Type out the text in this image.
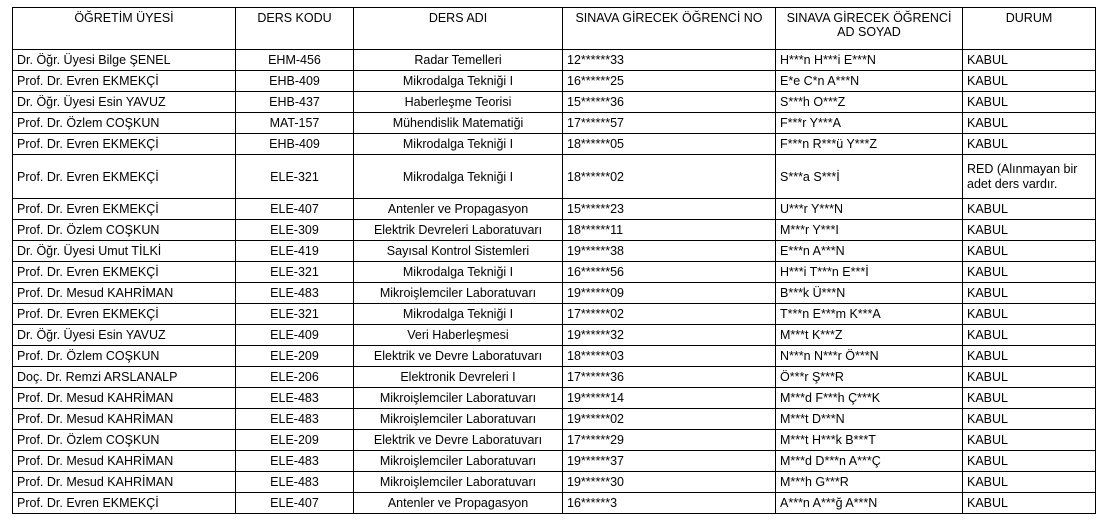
ÖĞRETİM ÜYESİ	DERS KODU	DERS ADI	SINAVA GİRECEK ÖĞRENCİ NO	SINAVA GİRECEK ÖĞRENCİ AD SOYAD	DURUM
Dr. Öğr. Üyesi Bilge ŞENEL	EHM-456	Radar Temelleri	12******33	H***n H***i E***N	KABUL
Prof. Dr. Evren EKMEKÇİ	EHB-409	Mikrodalga Tekniği I	16******25	E*e C*n A***N	KABUL
Dr. Öğr. Üyesi Esin YAVUZ	EHB-437	Haberleşme Teorisi	15******36	S***h O***Z	KABUL
Prof. Dr. Özlem COŞKUN	MAT-157	Mühendislik Matematiği	17******57	F***r Y***A	KABUL
Prof. Dr. Evren EKMEKÇİ	EHB-409	Mikrodalga Tekniği I	18******05	F***n R***ü Y***Z	KABUL
Prof. Dr. Evren EKMEKÇİ	ELE-321	Mikrodalga Tekniği I	18******02	S***a S***İ	RED (Alınmayan bir adet ders vardır.
Prof. Dr. Evren EKMEKÇİ	ELE-407	Antenler ve Propagasyon	15******23	U***r Y***N	KABUL
Prof. Dr. Özlem COŞKUN	ELE-309	Elektrik Devreleri Laboratuvarı	18******11	M***r Y***I	KABUL
Dr. Öğr. Üyesi Umut TİLKİ	ELE-419	Sayısal Kontrol Sistemleri	19******38	E***n A***N	KABUL
Prof. Dr. Evren EKMEKÇİ	ELE-321	Mikrodalga Tekniği I	16******56	H***i T***n E***İ	KABUL
Prof. Dr. Mesud KAHRİMAN	ELE-483	Mikroişlemciler Laboratuvarı	19******09	B***k Ü***N	KABUL
Prof. Dr. Evren EKMEKÇİ	ELE-321	Mikrodalga Tekniği I	17******02	T***n E***m K***A	KABUL
Dr. Öğr. Üyesi Esin YAVUZ	ELE-409	Veri Haberleşmesi	19******32	M***t K***Z	KABUL
Prof. Dr. Özlem COŞKUN	ELE-209	Elektrik ve Devre Laboratuvarı	18******03	N***n N***r Ö***N	KABUL
Doç. Dr. Remzi ARSLANALP	ELE-206	Elektronik Devreleri I	17******36	Ö***r Ş***R	KABUL
Prof. Dr. Mesud KAHRİMAN	ELE-483	Mikroişlemciler Laboratuvarı	19******14	M***d F***h Ç***K	KABUL
Prof. Dr. Mesud KAHRİMAN	ELE-483	Mikroişlemciler Laboratuvarı	19******02	M***t D***N	KABUL
Prof. Dr. Özlem COŞKUN	ELE-209	Elektrik ve Devre Laboratuvarı	17******29	M***t H***k B***T	KABUL
Prof. Dr. Mesud KAHRİMAN	ELE-483	Mikroişlemciler Laboratuvarı	19******37	M***d D***n A***Ç	KABUL
Prof. Dr. Mesud KAHRİMAN	ELE-483	Mikroişlemciler Laboratuvarı	19******30	M***h G***R	KABUL
Prof. Dr. Evren EKMEKÇİ	ELE-407	Antenler ve Propagasyon	16******3	A***n A***ğ A***N	KABUL
